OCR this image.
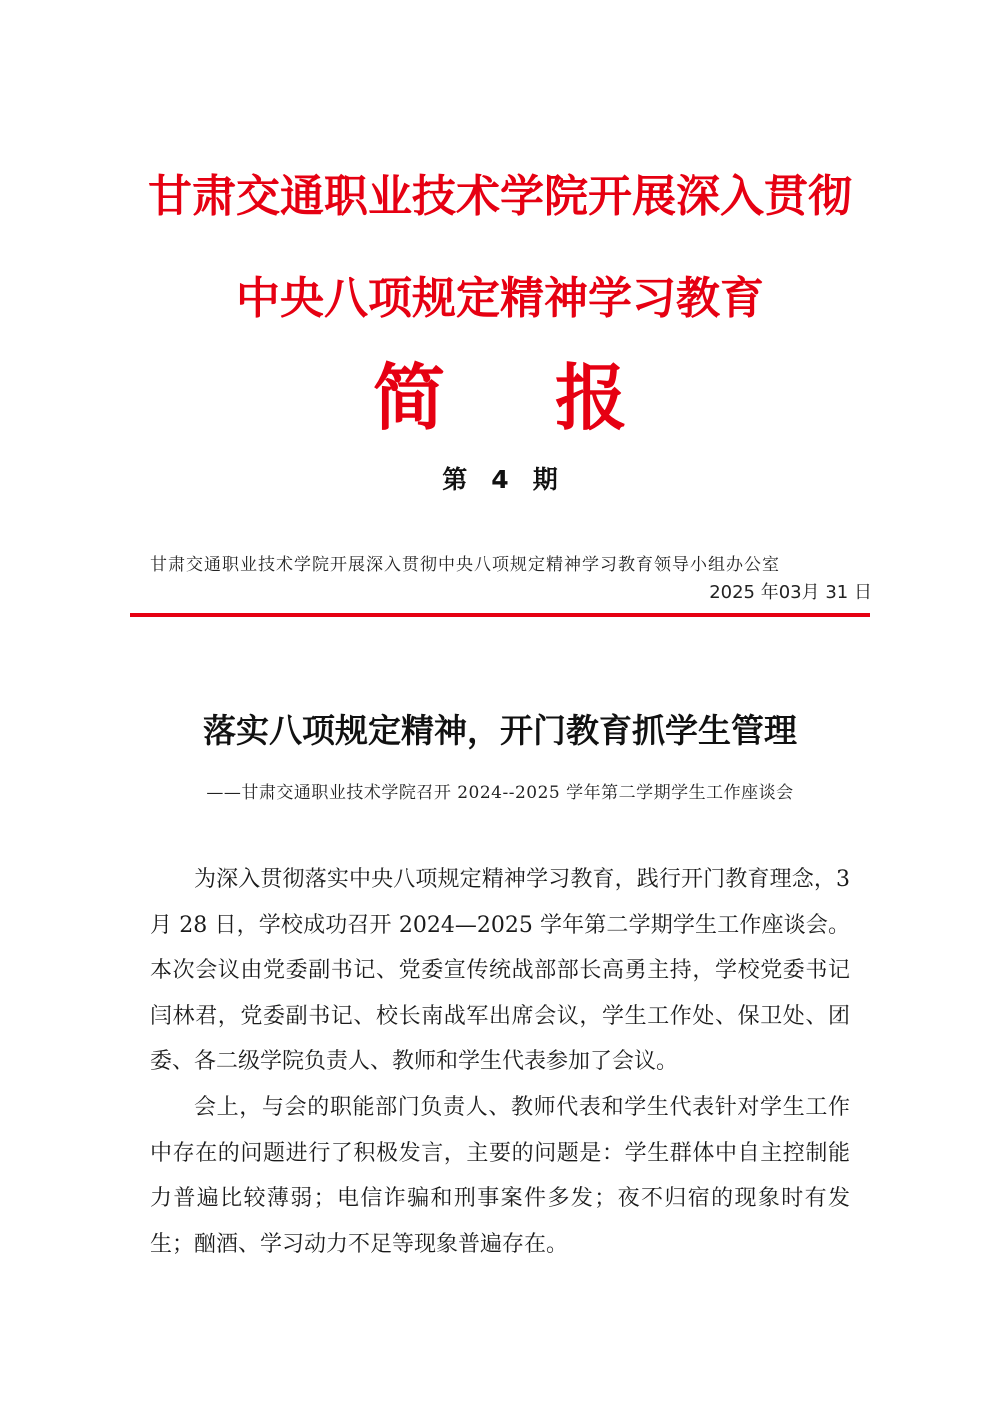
甘肃交通职业技术学院开展深入贯彻
中央八项规定精神学习教育
简 报
第 4 期
甘肃交通职业技术学院开展深入贯彻中央八项规定精神学习教育领导小组办公室
2025 年03月 31 日
落实八项规定精神，开门教育抓学生管理
——甘肃交通职业技术学院召开 2024--2025 学年第二学期学生工作座谈会

为深入贯彻落实中央八项规定精神学习教育，践行开门教育理念，3 月 28 日，学校成功召开 2024—2025 学年第二学期学生工作座谈会。本次会议由党委副书记、党委宣传统战部部长高勇主持，学校党委书记闫林君，党委副书记、校长南战军出席会议，学生工作处、保卫处、团委、各二级学院负责人、教师和学生代表参加了会议。

会上，与会的职能部门负责人、教师代表和学生代表针对学生工作中存在的问题进行了积极发言，主要的问题是：学生群体中自主控制能力普遍比较薄弱；电信诈骗和刑事案件多发；夜不归宿的现象时有发生；酗酒、学习动力不足等现象普遍存在。
